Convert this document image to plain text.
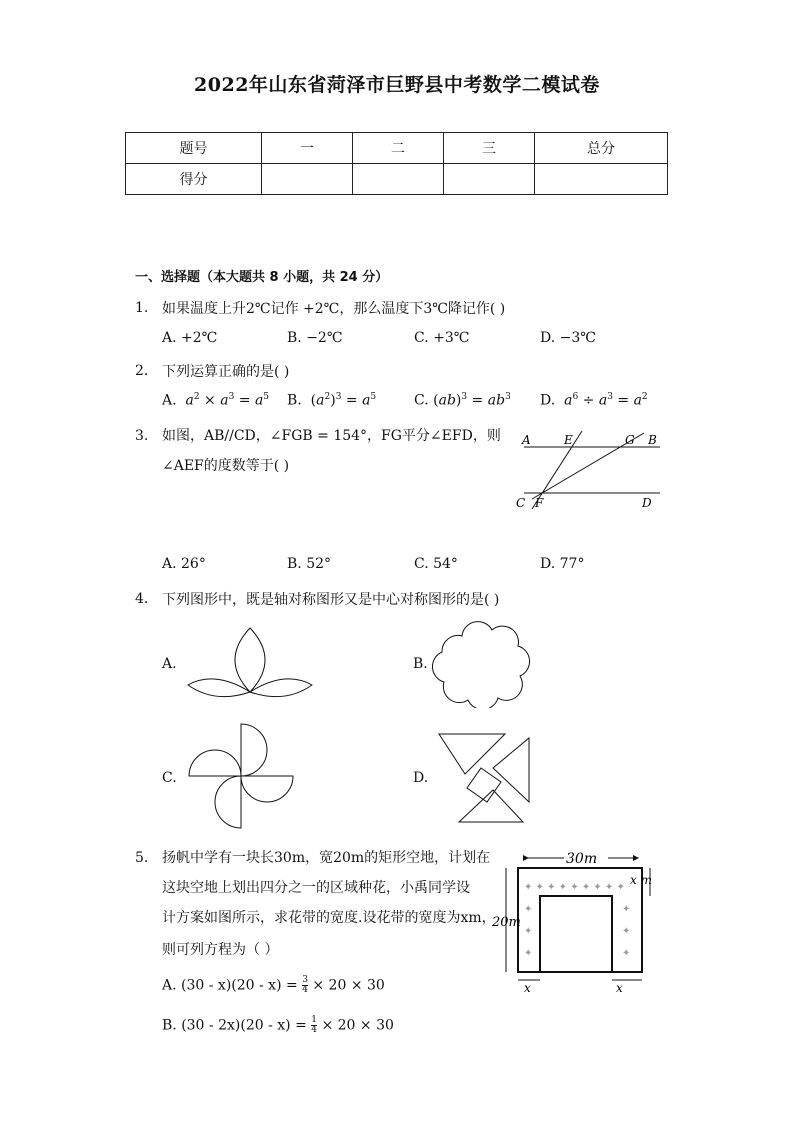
2022年山东省菏泽市巨野县中考数学二模试卷
题号	一	二	三	总分
得分				
一、选择题（本大题共 8 小题，共 24 分）
1. 如果温度上升2℃记作 +2℃，那么温度下3℃降记作( )
A. +2℃	B. −2℃	C. +3℃	D. −3℃
2. 下列运算正确的是( )
A. $a^2 \times a^3 = a^5$ B.  $(a^2)^3 = a^5$	C. $(ab)^3 = ab^3$ D. $a^6 \div a^3 = a^2$
3. 如图，AB//CD，∠FGB = 154°，FG平分∠EFD，则
∠AEF的度数等于( )
A	E	G B
C F	D
A. 26°	B. 52°	C. 54°	D. 77°
4. 下列图形中，既是轴对称图形又是中心对称图形的是( )
A.	B.
C.	D.
5. 扬帆中学有一块长30m，宽20m的矩形空地，计划在
这块空地上划出四分之一的区域种花，小禹同学设
计方案如图所示，求花带的宽度.设花带的宽度为xm，
则可列方程为（ ）
A. $(30 - x)(20 - x) = \frac{3}{4} \times 20 \times 30$
B. $(30 - 2x)(20 - x) = \frac{1}{4} \times 20 \times 30$
30m
20m
x m
x	x
✦ ✦ ✦ ✦ ✦ ✦ ✦ ✦ ✦
✦
✦
✦
✦
✦
✦
